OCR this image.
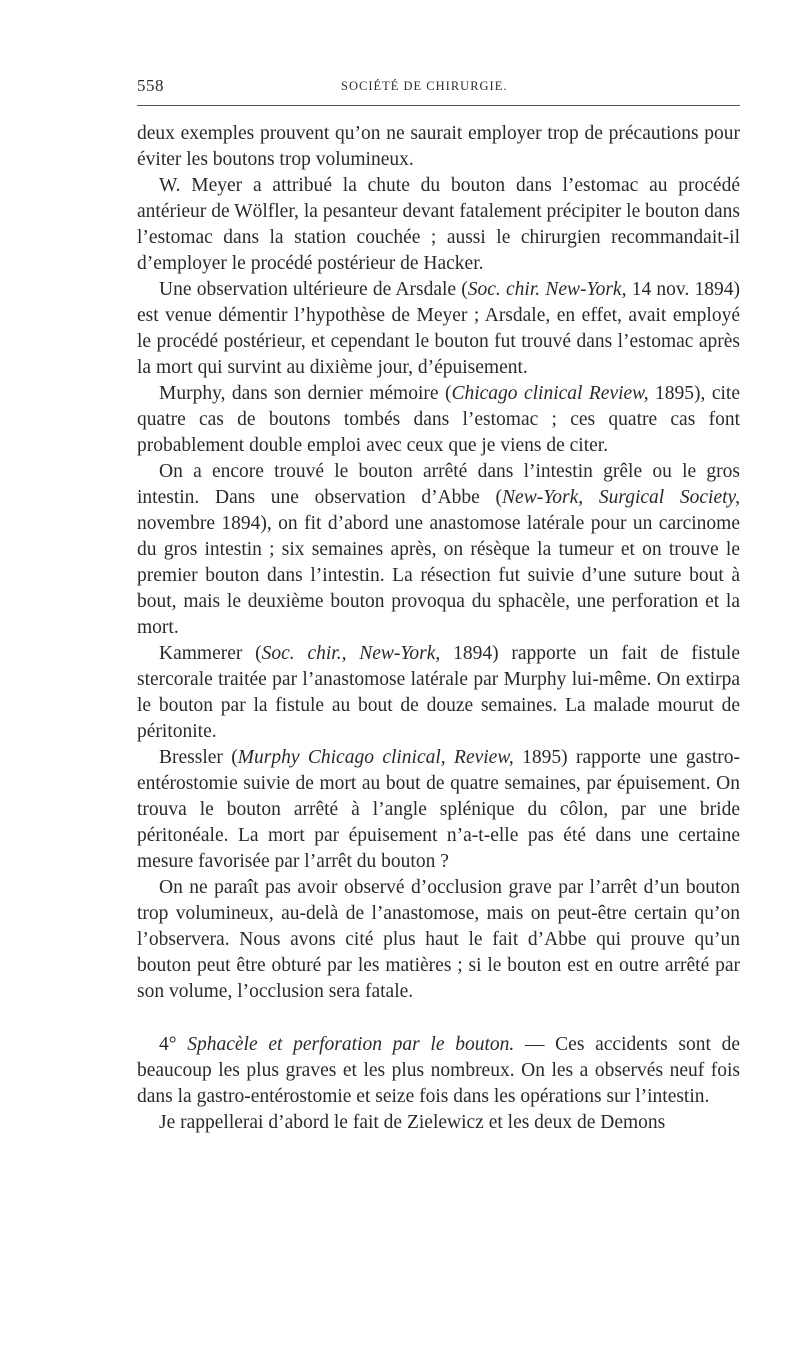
558	SOCIÉTÉ DE CHIRURGIE.

deux exemples prouvent qu’on ne saurait employer trop de précautions pour éviter les boutons trop volumineux.

W. Meyer a attribué la chute du bouton dans l’estomac au procédé antérieur de Wölfler, la pesanteur devant fatalement précipiter le bouton dans l’estomac dans la station couchée ; aussi le chirurgien recommandait-il d’employer le procédé postérieur de Hacker.

Une observation ultérieure de Arsdale (Soc. chir. New-York, 14 nov. 1894) est venue démentir l’hypothèse de Meyer ; Arsdale, en effet, avait employé le procédé postérieur, et cependant le bouton fut trouvé dans l’estomac après la mort qui survint au dixième jour, d’épuisement.

Murphy, dans son dernier mémoire (Chicago clinical Review, 1895), cite quatre cas de boutons tombés dans l’estomac ; ces quatre cas font probablement double emploi avec ceux que je viens de citer.

On a encore trouvé le bouton arrêté dans l’intestin grêle ou le gros intestin. Dans une observation d’Abbe (New-York, Surgical Society, novembre 1894), on fit d’abord une anastomose latérale pour un carcinome du gros intestin ; six semaines après, on résèque la tumeur et on trouve le premier bouton dans l’intestin. La résection fut suivie d’une suture bout à bout, mais le deuxième bouton provoqua du sphacèle, une perforation et la mort.

Kammerer (Soc. chir., New-York, 1894) rapporte un fait de fistule stercorale traitée par l’anastomose latérale par Murphy lui-même. On extirpa le bouton par la fistule au bout de douze semaines. La malade mourut de péritonite.

Bressler (Murphy Chicago clinical, Review, 1895) rapporte une gastro-entérostomie suivie de mort au bout de quatre semaines, par épuisement. On trouva le bouton arrêté à l’angle splénique du côlon, par une bride péritonéale. La mort par épuisement n’a-t-elle pas été dans une certaine mesure favorisée par l’arrêt du bouton ?

On ne paraît pas avoir observé d’occlusion grave par l’arrêt d’un bouton trop volumineux, au-delà de l’anastomose, mais on peut-être certain qu’on l’observera. Nous avons cité plus haut le fait d’Abbe qui prouve qu’un bouton peut être obturé par les matières ; si le bouton est en outre arrêté par son volume, l’occlusion sera fatale.

4° Sphacèle et perforation par le bouton. — Ces accidents sont de beaucoup les plus graves et les plus nombreux. On les a observés neuf fois dans la gastro-entérostomie et seize fois dans les opérations sur l’intestin.

Je rappellerai d’abord le fait de Zielewicz et les deux de Demons
